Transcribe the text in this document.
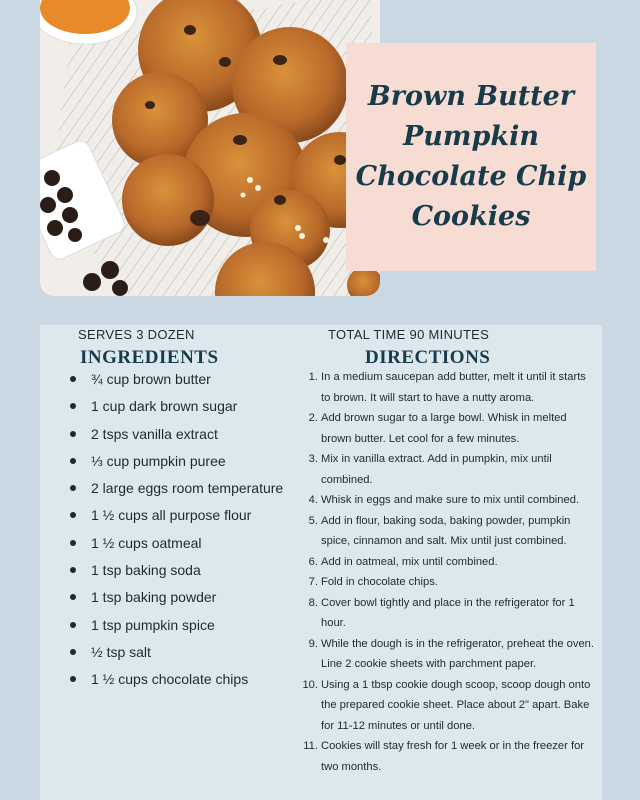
Brown Butter
Pumpkin
Chocolate Chip
Cookies
SERVES 3 DOZEN
INGREDIENTS
¾ cup brown butter
1 cup dark brown sugar
2 tsps vanilla extract
⅓ cup pumpkin puree
2 large eggs room temperature
1 ½ cups all purpose flour
1 ½ cups oatmeal
1 tsp baking soda
1 tsp baking powder
1 tsp pumpkin spice
½ tsp salt
1 ½ cups chocolate chips
TOTAL TIME 90 MINUTES
DIRECTIONS
1. In a medium saucepan add butter, melt it until it starts to brown. It will start to have a nutty aroma.
2. Add brown sugar to a large bowl. Whisk in melted brown butter. Let cool for a few minutes.
3. Mix in vanilla extract. Add in pumpkin, mix until combined.
4. Whisk in eggs and make sure to mix until combined.
5. Add in flour, baking soda, baking powder, pumpkin spice, cinnamon and salt. Mix until just combined.
6. Add in oatmeal, mix until combined.
7. Fold in chocolate chips.
8. Cover bowl tightly and place in the refrigerator for 1 hour.
9. While the dough is in the refrigerator, preheat the oven. Line 2 cookie sheets with parchment paper.
10. Using a 1 tbsp cookie dough scoop, scoop dough onto the prepared cookie sheet. Place about 2" apart. Bake for 11-12 minutes or until done.
11. Cookies will stay fresh for 1 week or in the freezer for two months.
